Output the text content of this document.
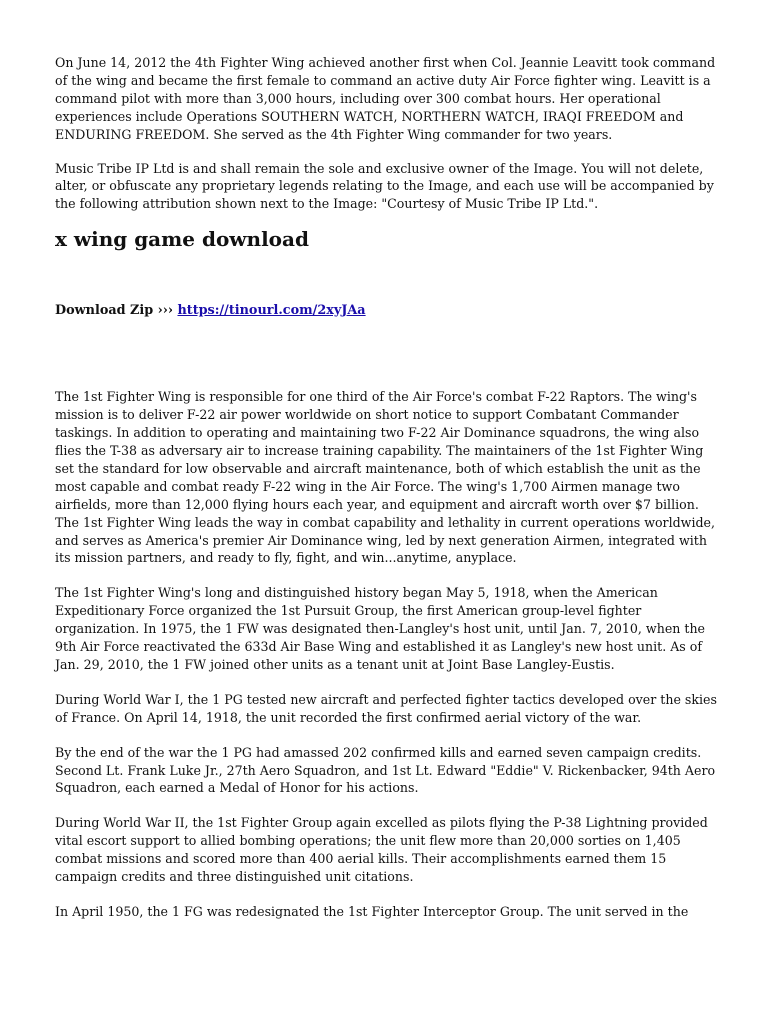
On June 14, 2012 the 4th Fighter Wing achieved another first when Col. Jeannie Leavitt took command of the wing and became the first female to command an active duty Air Force fighter wing. Leavitt is a command pilot with more than 3,000 hours, including over 300 combat hours. Her operational experiences include Operations SOUTHERN WATCH, NORTHERN WATCH, IRAQI FREEDOM and ENDURING FREEDOM. She served as the 4th Fighter Wing commander for two years.

Music Tribe IP Ltd is and shall remain the sole and exclusive owner of the Image. You will not delete, alter, or obfuscate any proprietary legends relating to the Image, and each use will be accompanied by the following attribution shown next to the Image: "Courtesy of Music Tribe IP Ltd.".

x wing game download
Download Zip ››› https://tinourl.com/2xyJAa

The 1st Fighter Wing is responsible for one third of the Air Force's combat F-22 Raptors. The wing's mission is to deliver F-22 air power worldwide on short notice to support Combatant Commander taskings. In addition to operating and maintaining two F-22 Air Dominance squadrons, the wing also flies the T-38 as adversary air to increase training capability. The maintainers of the 1st Fighter Wing set the standard for low observable and aircraft maintenance, both of which establish the unit as the most capable and combat ready F-22 wing in the Air Force. The wing's 1,700 Airmen manage two airfields, more than 12,000 flying hours each year, and equipment and aircraft worth over $7 billion. The 1st Fighter Wing leads the way in combat capability and lethality in current operations worldwide, and serves as America's premier Air Dominance wing, led by next generation Airmen, integrated with its mission partners, and ready to fly, fight, and win...anytime, anyplace.

The 1st Fighter Wing's long and distinguished history began May 5, 1918, when the American Expeditionary Force organized the 1st Pursuit Group, the first American group-level fighter organization. In 1975, the 1 FW was designated then-Langley's host unit, until Jan. 7, 2010, when the 9th Air Force reactivated the 633d Air Base Wing and established it as Langley's new host unit. As of Jan. 29, 2010, the 1 FW joined other units as a tenant unit at Joint Base Langley-Eustis.

During World War I, the 1 PG tested new aircraft and perfected fighter tactics developed over the skies of France. On April 14, 1918, the unit recorded the first confirmed aerial victory of the war.

By the end of the war the 1 PG had amassed 202 confirmed kills and earned seven campaign credits. Second Lt. Frank Luke Jr., 27th Aero Squadron, and 1st Lt. Edward "Eddie" V. Rickenbacker, 94th Aero Squadron, each earned a Medal of Honor for his actions.

During World War II, the 1st Fighter Group again excelled as pilots flying the P-38 Lightning provided vital escort support to allied bombing operations; the unit flew more than 20,000 sorties on 1,405 combat missions and scored more than 400 aerial kills. Their accomplishments earned them 15 campaign credits and three distinguished unit citations.

In April 1950, the 1 FG was redesignated the 1st Fighter Interceptor Group. The unit served in the
